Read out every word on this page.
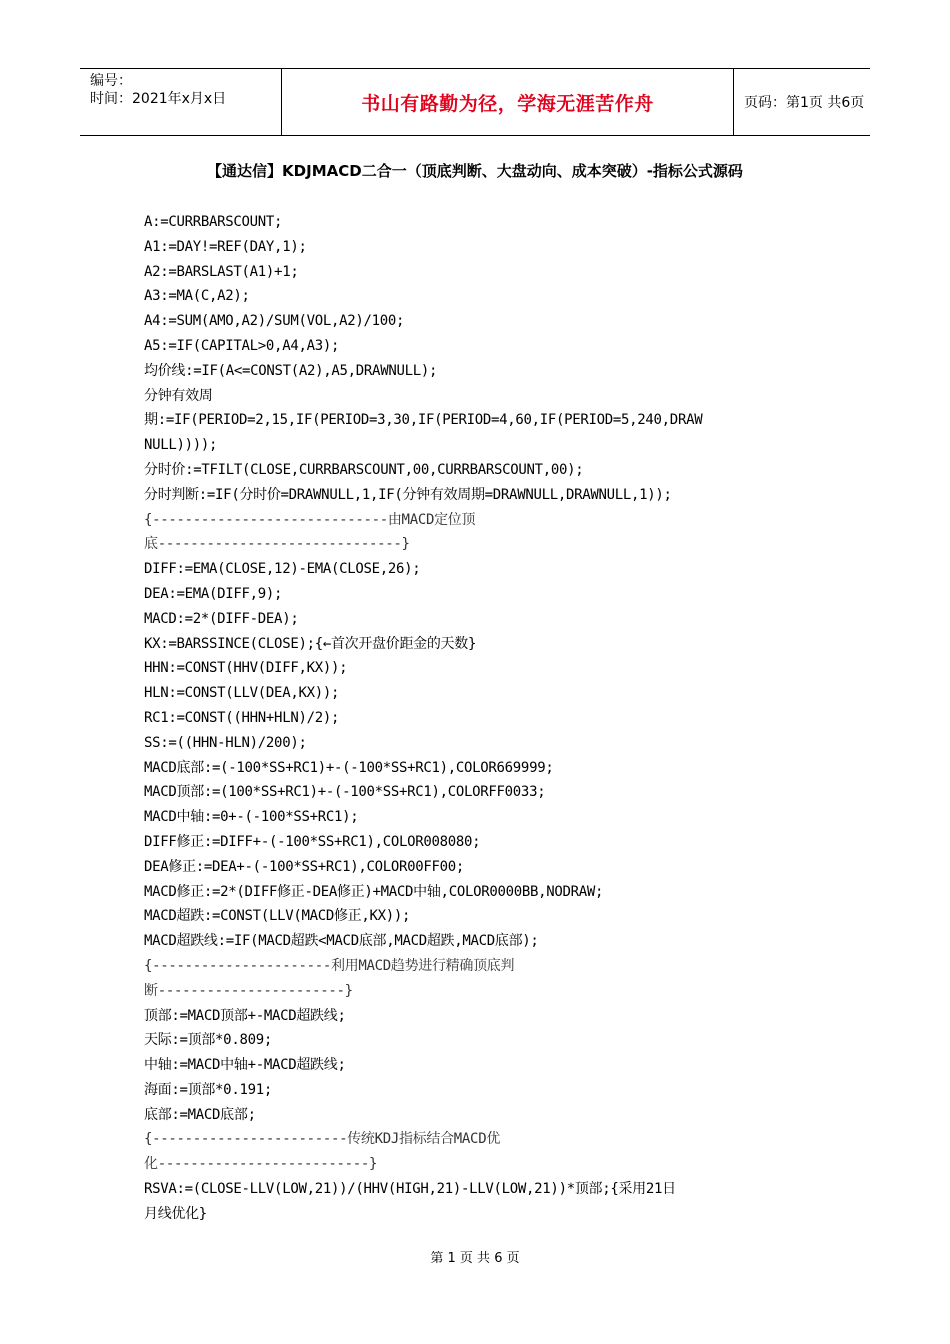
编号：
时间：2021年x月x日	书山有路勤为径，学海无涯苦作舟	页码：第1页 共6页
【通达信】KDJMACD二合一（顶底判断、大盘动向、成本突破）-指标公式源码
A:=CURRBARSCOUNT;
A1:=DAY!=REF(DAY,1);
A2:=BARSLAST(A1)+1;
A3:=MA(C,A2);
A4:=SUM(AMO,A2)/SUM(VOL,A2)/100;
A5:=IF(CAPITAL>0,A4,A3);
均价线:=IF(A<=CONST(A2),A5,DRAWNULL);
分钟有效周
期:=IF(PERIOD=2,15,IF(PERIOD=3,30,IF(PERIOD=4,60,IF(PERIOD=5,240,DRAW
NULL))));
分时价:=TFILT(CLOSE,CURRBARSCOUNT,00,CURRBARSCOUNT,00);
分时判断:=IF(分时价=DRAWNULL,1,IF(分钟有效周期=DRAWNULL,DRAWNULL,1));
{-----------------------------由MACD定位顶
底------------------------------}
DIFF:=EMA(CLOSE,12)-EMA(CLOSE,26);
DEA:=EMA(DIFF,9);
MACD:=2*(DIFF-DEA);
KX:=BARSSINCE(CLOSE);{←首次开盘价距金的天数}
HHN:=CONST(HHV(DIFF,KX));
HLN:=CONST(LLV(DEA,KX));
RC1:=CONST((HHN+HLN)/2);
SS:=((HHN-HLN)/200);
MACD底部:=(-100*SS+RC1)+-(-100*SS+RC1),COLOR669999;
MACD顶部:=(100*SS+RC1)+-(-100*SS+RC1),COLORFF0033;
MACD中轴:=0+-(-100*SS+RC1);
DIFF修正:=DIFF+-(-100*SS+RC1),COLOR008080;
DEA修正:=DEA+-(-100*SS+RC1),COLOR00FF00;
MACD修正:=2*(DIFF修正-DEA修正)+MACD中轴,COLOR0000BB,NODRAW;
MACD超跌:=CONST(LLV(MACD修正,KX));
MACD超跌线:=IF(MACD超跌<MACD底部,MACD超跌,MACD底部);
{----------------------利用MACD趋势进行精确顶底判
断-----------------------}
顶部:=MACD顶部+-MACD超跌线;
天际:=顶部*0.809;
中轴:=MACD中轴+-MACD超跌线;
海面:=顶部*0.191;
底部:=MACD底部;
{------------------------传统KDJ指标结合MACD优
化--------------------------}
RSVA:=(CLOSE-LLV(LOW,21))/(HHV(HIGH,21)-LLV(LOW,21))*顶部;{采用21日
月线优化}
第 1 页 共 6 页
